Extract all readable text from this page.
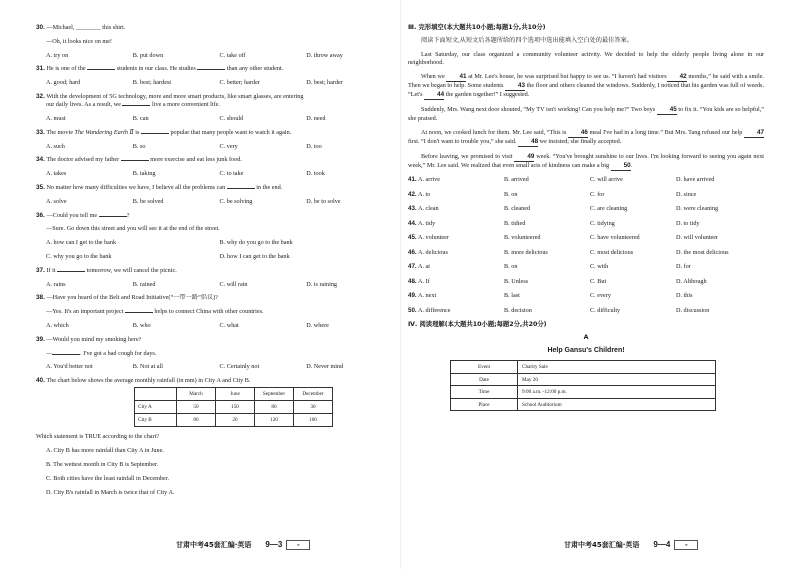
30. —Michael, ________ this shirt.
—Oh, it looks nice on me!
A. try on	B. put down	C. take off	D. throw away
31. He is one of the	students in our class. He studies	than any other student.
A. good; hard	B. best; hardest	C. better; harder	D. best; harder
32. With the development of 5G technology, more and more smart products, like smart glasses, are entering
our daily lives. As a result, we	live a more convenient life.
A. must	B. can	C. should	D. need
33. The movie The Wandering Earth Ⅱ is	popular that many people want to watch it again.
A. such	B. so	C. very	D. too
34. The doctor advised my father	more exercise and eat less junk food.
A. takes	B. taking	C. to take	D. took
35. No matter how many difficulties we have, I believe all the problems can	in the end.
A. solve	B. be solved	C. be solving	D. be to solve
36. —Could you tell me	?
—Sure. Go down this street and you will see it at the end of the street.
A. how can I get to the bank	B. why do you go to the bank
C. why you go to the bank	D. how I can get to the bank
37. If it	tomorrow, we will cancel the picnic.
A. rains	B. rained	C. will rain	D. is raining
38. —Have you heard of the Belt and Road Initiative(“一带一路”倡议)?
—Yes. It's an important project	helps to connect China with other countries.
A. which	B. who	C. what	D. where
39. —Would you mind my smoking here?
—	. I've got a bad cough for days.
A. You'd better not	B. Not at all	C. Certainly not	D. Never mind
40. The chart below shows the average monthly rainfall (in mm) in City A and City B.
	March	June	September	December
City A	50	150	80	30
City B	80	20	120	100
Which statement is TRUE according to the chart?
A. City B has more rainfall than City A in June.
B. The wettest month in City B is September.
C. Both cities have the least rainfall in December.
D. City B's rainfall in March is twice that of City A.
甘肃中考45套汇编·英语 9—3	≡
Ⅲ. 完形填空(本大题共10小题;每题1分,共10分)
阅读下面短文,从短文后各题所给的四个选项中选出能填入空白处的最佳答案。
Last Saturday, our class organized a community volunteer activity. We decided to help the elderly people living alone in our neighborhood.
When we 41 at Mr. Lee's house, he was surprised but happy to see us. “I haven't had visitors 42 months,” he said with a smile. Then we began to help. Some students 43 the floor and others cleaned the windows. Suddenly, I noticed that his garden was full of weeds. “Let's 44 the garden together!” I suggested.
Suddenly, Mrs. Wang next door shouted, “My TV isn't working! Can you help me?” Two boys 45 to fix it. “You kids are so helpful,” she praised.
At noon, we cooked lunch for them. Mr. Lee said, “This is 46 meal I've had in a long time.” But Mrs. Tang refused our help 47 first. “I don't want to trouble you,” she said. 48 we insisted; she finally accepted.
Before leaving, we promised to visit 49 week. “You've brought sunshine to our lives. I'm looking forward to seeing you again next week,” Mr. Lee said. We realized that even small acts of kindness can make a big 50.
41. A. arrive	B. arrived	C. will arrive	D. have arrived
42. A. to	B. on	C. for	D. since
43. A. clean	B. cleaned	C. are cleaning	D. were cleaning
44. A. tidy	B. tidied	C. tidying	D. to tidy
45. A. volunteer	B. volunteered	C. have volunteered	D. will volunteer
46. A. delicious	B. more delicious	C. most delicious	D. the most delicious
47. A. at	B. on	C. with	D. for
48. A. If	B. Unless	C. But	D. Although
49. A. next	B. last	C. every	D. this
50. A. difference	B. decision	C. difficulty	D. discussion
Ⅳ. 阅读理解(本大题共10小题;每题2分,共20分)
A
Help Gansu's Children!
Event	Charity Sale
Date	May 20
Time	9:00 a.m. -12:00 p.m.
Place	School Auditorium
甘肃中考45套汇编·英语 9—4	≡
